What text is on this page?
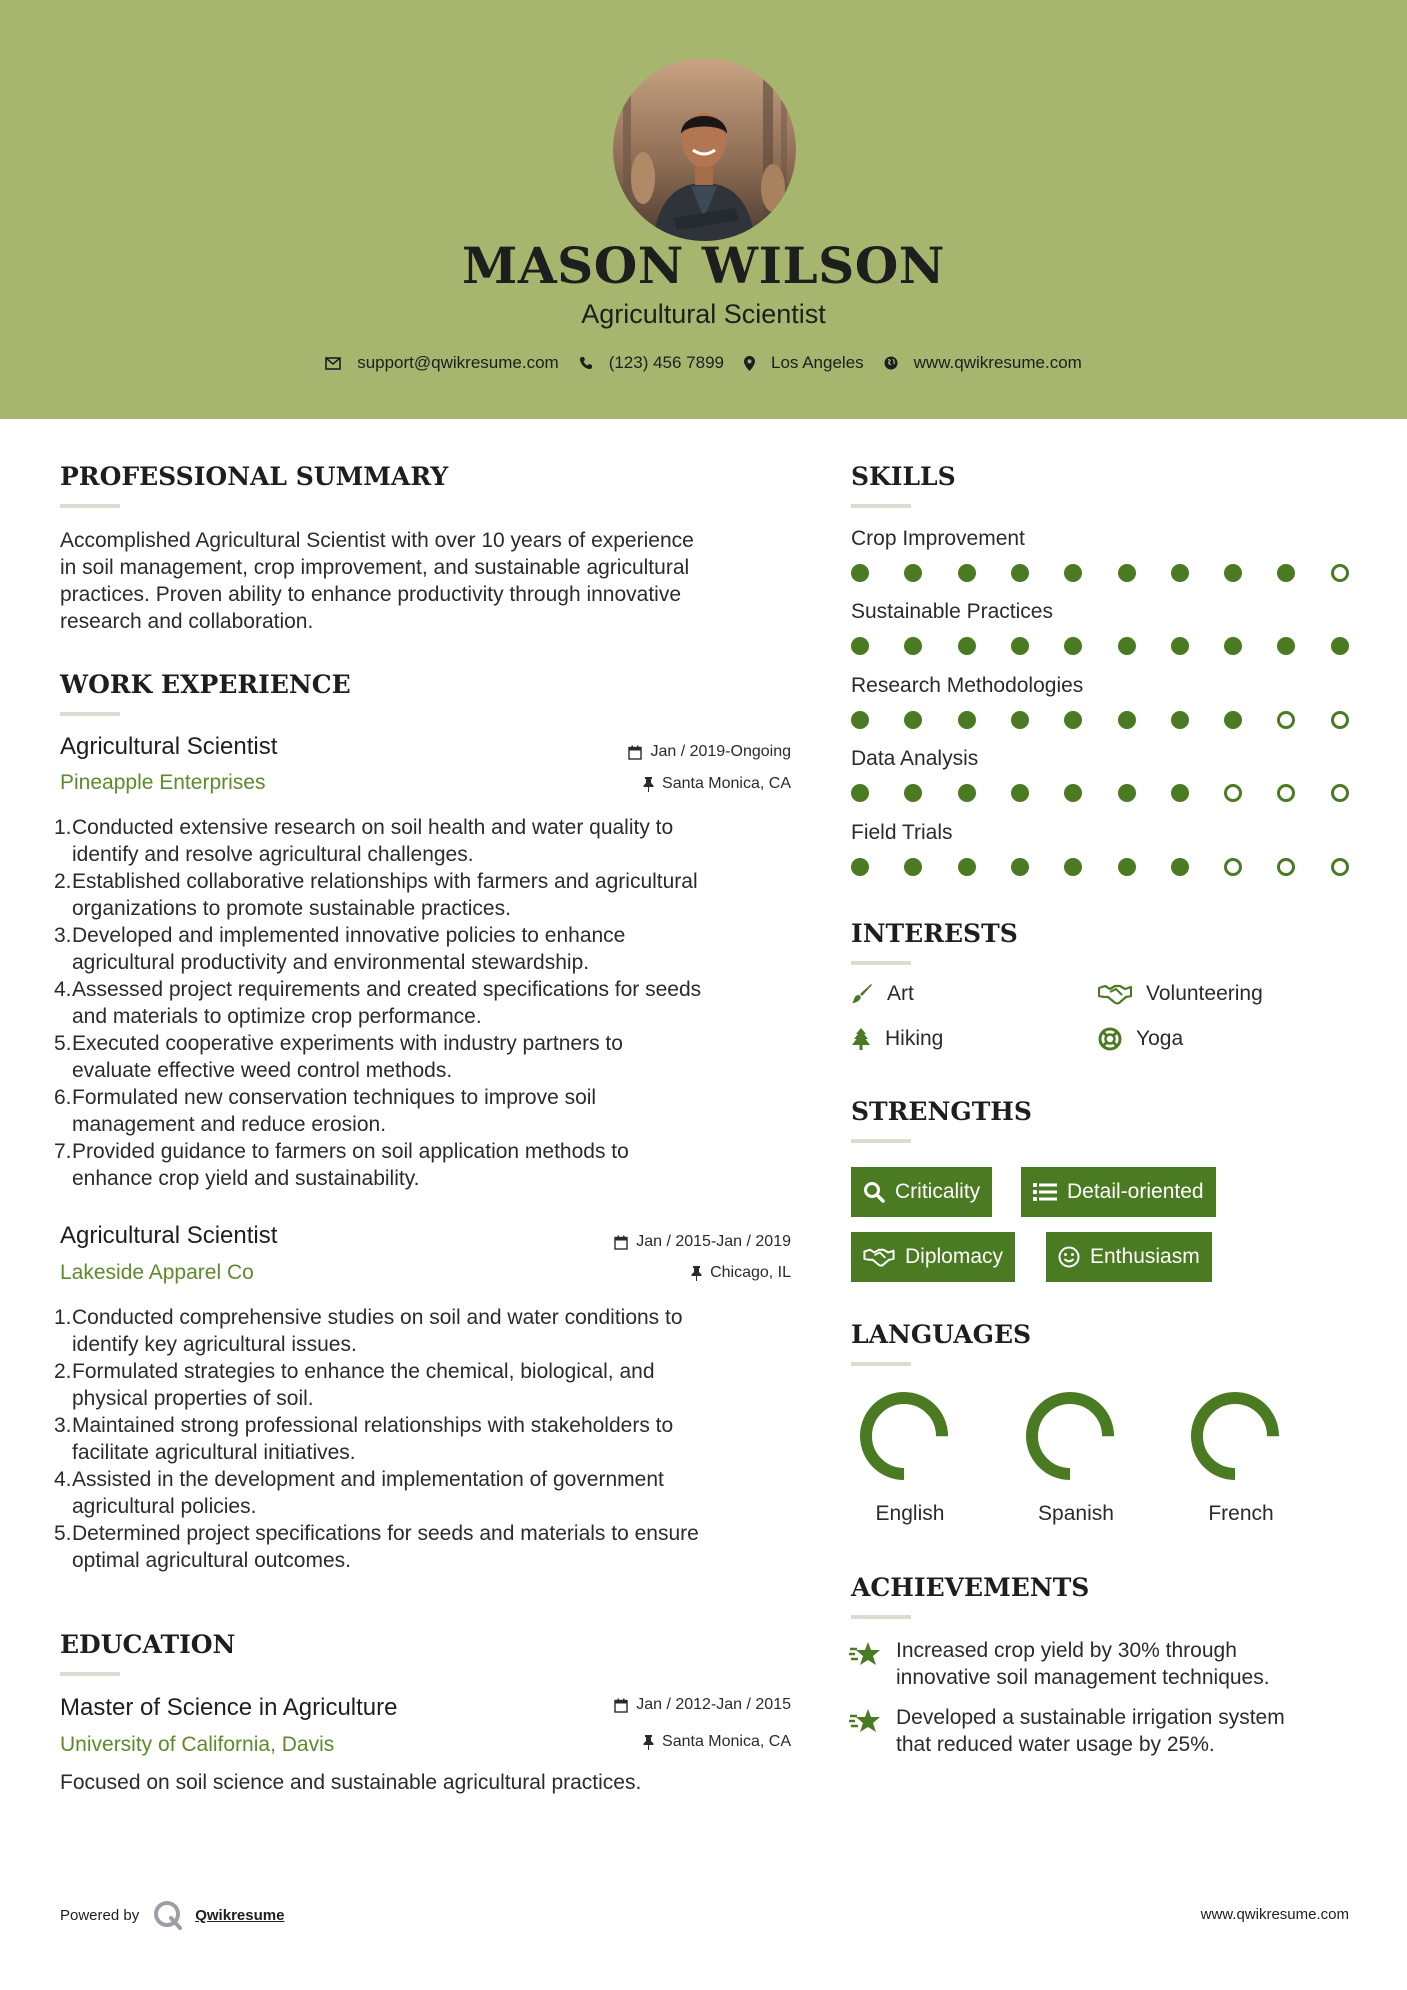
MASON WILSON
Agricultural Scientist
support@qwikresume.com	(123) 456 7899	Los Angeles	www.qwikresume.com
PROFESSIONAL SUMMARY
Accomplished Agricultural Scientist with over 10 years of experience
in soil management, crop improvement, and sustainable agricultural
practices. Proven ability to enhance productivity through innovative
research and collaboration.
WORK EXPERIENCE
Agricultural Scientist
Pineapple Enterprises
Jan / 2019-Ongoing
Santa Monica, CA
1. Conducted extensive research on soil health and water quality to
identify and resolve agricultural challenges.
2. Established collaborative relationships with farmers and agricultural
organizations to promote sustainable practices.
3. Developed and implemented innovative policies to enhance
agricultural productivity and environmental stewardship.
4. Assessed project requirements and created specifications for seeds
and materials to optimize crop performance.
5. Executed cooperative experiments with industry partners to
evaluate effective weed control methods.
6. Formulated new conservation techniques to improve soil
management and reduce erosion.
7. Provided guidance to farmers on soil application methods to
enhance crop yield and sustainability.
Agricultural Scientist
Lakeside Apparel Co
Jan / 2015-Jan / 2019
Chicago, IL
1. Conducted comprehensive studies on soil and water conditions to
identify key agricultural issues.
2. Formulated strategies to enhance the chemical, biological, and
physical properties of soil.
3. Maintained strong professional relationships with stakeholders to
facilitate agricultural initiatives.
4. Assisted in the development and implementation of government
agricultural policies.
5. Determined project specifications for seeds and materials to ensure
optimal agricultural outcomes.
EDUCATION
Master of Science in Agriculture
University of California, Davis
Jan / 2012-Jan / 2015
Santa Monica, CA
Focused on soil science and sustainable agricultural practices.
SKILLS
Crop Improvement
Sustainable Practices
Research Methodologies
Data Analysis
Field Trials
INTERESTS
Art	Volunteering
Hiking	Yoga
STRENGTHS
Criticality	Detail-oriented
Diplomacy	Enthusiasm
LANGUAGES
English	Spanish	French
ACHIEVEMENTS
Increased crop yield by 30% through
innovative soil management techniques.
Developed a sustainable irrigation system
that reduced water usage by 25%.
Powered by	Qwikresume	www.qwikresume.com
